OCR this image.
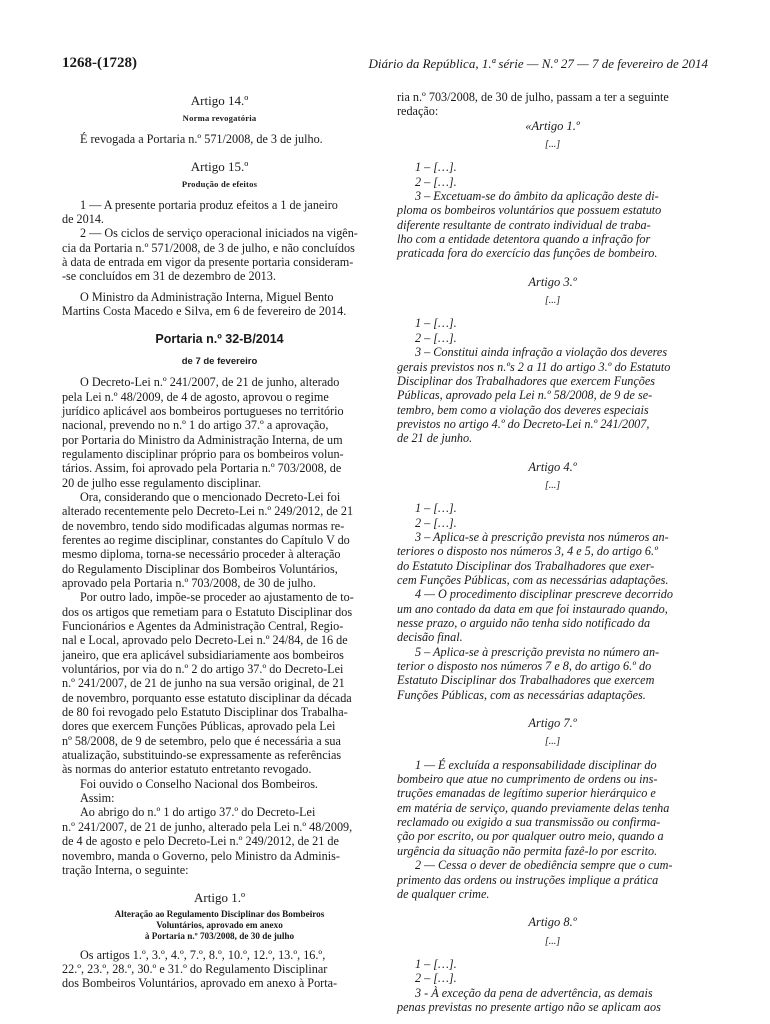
1268-(1728)	Diário da República, 1.ª série — N.º 27 — 7 de fevereiro de 2014
Artigo 14.º
Norma revogatória
É revogada a Portaria n.º 571/2008, de 3 de julho.
Artigo 15.º
Produção de efeitos
1 — A presente portaria produz efeitos a 1 de janeiro
de 2014.
2 — Os ciclos de serviço operacional iniciados na vigên-
cia da Portaria n.º 571/2008, de 3 de julho, e não concluídos
à data de entrada em vigor da presente portaria consideram-
-se concluídos em 31 de dezembro de 2013.
O Ministro da Administração Interna, Miguel Bento
Martins Costa Macedo e Silva, em 6 de fevereiro de 2014.
Portaria n.º 32-B/2014
de 7 de fevereiro
O Decreto-Lei n.º 241/2007, de 21 de junho, alterado
pela Lei n.º 48/2009, de 4 de agosto, aprovou o regime
jurídico aplicável aos bombeiros portugueses no território
nacional, prevendo no n.º 1 do artigo 37.º a aprovação,
por Portaria do Ministro da Administração Interna, de um
regulamento disciplinar próprio para os bombeiros volun-
tários. Assim, foi aprovado pela Portaria n.º 703/2008, de
20 de julho esse regulamento disciplinar.
Ora, considerando que o mencionado Decreto-Lei foi
alterado recentemente pelo Decreto-Lei n.º 249/2012, de 21
de novembro, tendo sido modificadas algumas normas re-
ferentes ao regime disciplinar, constantes do Capítulo V do
mesmo diploma, torna-se necessário proceder à alteração
do Regulamento Disciplinar dos Bombeiros Voluntários,
aprovado pela Portaria n.º 703/2008, de 30 de julho.
Por outro lado, impõe-se proceder ao ajustamento de to-
dos os artigos que remetiam para o Estatuto Disciplinar dos
Funcionários e Agentes da Administração Central, Regio-
nal e Local, aprovado pelo Decreto-Lei n.º 24/84, de 16 de
janeiro, que era aplicável subsidiariamente aos bombeiros
voluntários, por via do n.º 2 do artigo 37.º do Decreto-Lei
n.º 241/2007, de 21 de junho na sua versão original, de 21
de novembro, porquanto esse estatuto disciplinar da década
de 80 foi revogado pelo Estatuto Disciplinar dos Trabalha-
dores que exercem Funções Públicas, aprovado pela Lei
nº 58/2008, de 9 de setembro, pelo que é necessária a sua
atualização, substituindo-se expressamente as referências
às normas do anterior estatuto entretanto revogado.
Foi ouvido o Conselho Nacional dos Bombeiros.
Assim:
Ao abrigo do n.º 1 do artigo 37.º do Decreto-Lei
n.º 241/2007, de 21 de junho, alterado pela Lei n.º 48/2009,
de 4 de agosto e pelo Decreto-Lei n.º 249/2012, de 21 de
novembro, manda o Governo, pelo Ministro da Adminis-
tração Interna, o seguinte:
Artigo 1.º
Alteração ao Regulamento Disciplinar dos Bombeiros
Voluntários, aprovado em anexo
à Portaria n.º 703/2008, de 30 de julho
Os artigos 1.º, 3.º, 4.º, 7.º, 8.º, 10.º, 12.º, 13.º, 16.º,
22.º, 23.º, 28.º, 30.º e 31.º do Regulamento Disciplinar
dos Bombeiros Voluntários, aprovado em anexo à Porta-
ria n.º 703/2008, de 30 de julho, passam a ter a seguinte
redação:
«Artigo 1.º
[...]
1 – […].
2 – […].
3 – Excetuam-se do âmbito da aplicação deste di-
ploma os bombeiros voluntários que possuem estatuto
diferente resultante de contrato individual de traba-
lho com a entidade detentora quando a infração for
praticada fora do exercício das funções de bombeiro.
Artigo 3.º
[...]
1 – […].
2 – […].
3 – Constitui ainda infração a violação dos deveres
gerais previstos nos n.ºs 2 a 11 do artigo 3.º do Estatuto
Disciplinar dos Trabalhadores que exercem Funções
Públicas, aprovado pela Lei n.º 58/2008, de 9 de se-
tembro, bem como a violação dos deveres especiais
previstos no artigo 4.º do Decreto-Lei n.º 241/2007,
de 21 de junho.
Artigo 4.º
[...]
1 – […].
2 – […].
3 – Aplica-se à prescrição prevista nos números an-
teriores o disposto nos números 3, 4 e 5, do artigo 6.º
do Estatuto Disciplinar dos Trabalhadores que exer-
cem Funções Públicas, com as necessárias adaptações.
4 — O procedimento disciplinar prescreve decorrido
um ano contado da data em que foi instaurado quando,
nesse prazo, o arguido não tenha sido notificado da
decisão final.
5 – Aplica-se à prescrição prevista no número an-
terior o disposto nos números 7 e 8, do artigo 6.º do
Estatuto Disciplinar dos Trabalhadores que exercem
Funções Públicas, com as necessárias adaptações.
Artigo 7.º
[...]
1 — É excluída a responsabilidade disciplinar do
bombeiro que atue no cumprimento de ordens ou ins-
truções emanadas de legítimo superior hierárquico e
em matéria de serviço, quando previamente delas tenha
reclamado ou exigido a sua transmissão ou confirma-
ção por escrito, ou por qualquer outro meio, quando a
urgência da situação não permita fazê-lo por escrito.
2 — Cessa o dever de obediência sempre que o cum-
primento das ordens ou instruções implique a prática
de qualquer crime.
Artigo 8.º
[...]
1 – […].
2 – […].
3 - À exceção da pena de advertência, as demais
penas previstas no presente artigo não se aplicam aos
